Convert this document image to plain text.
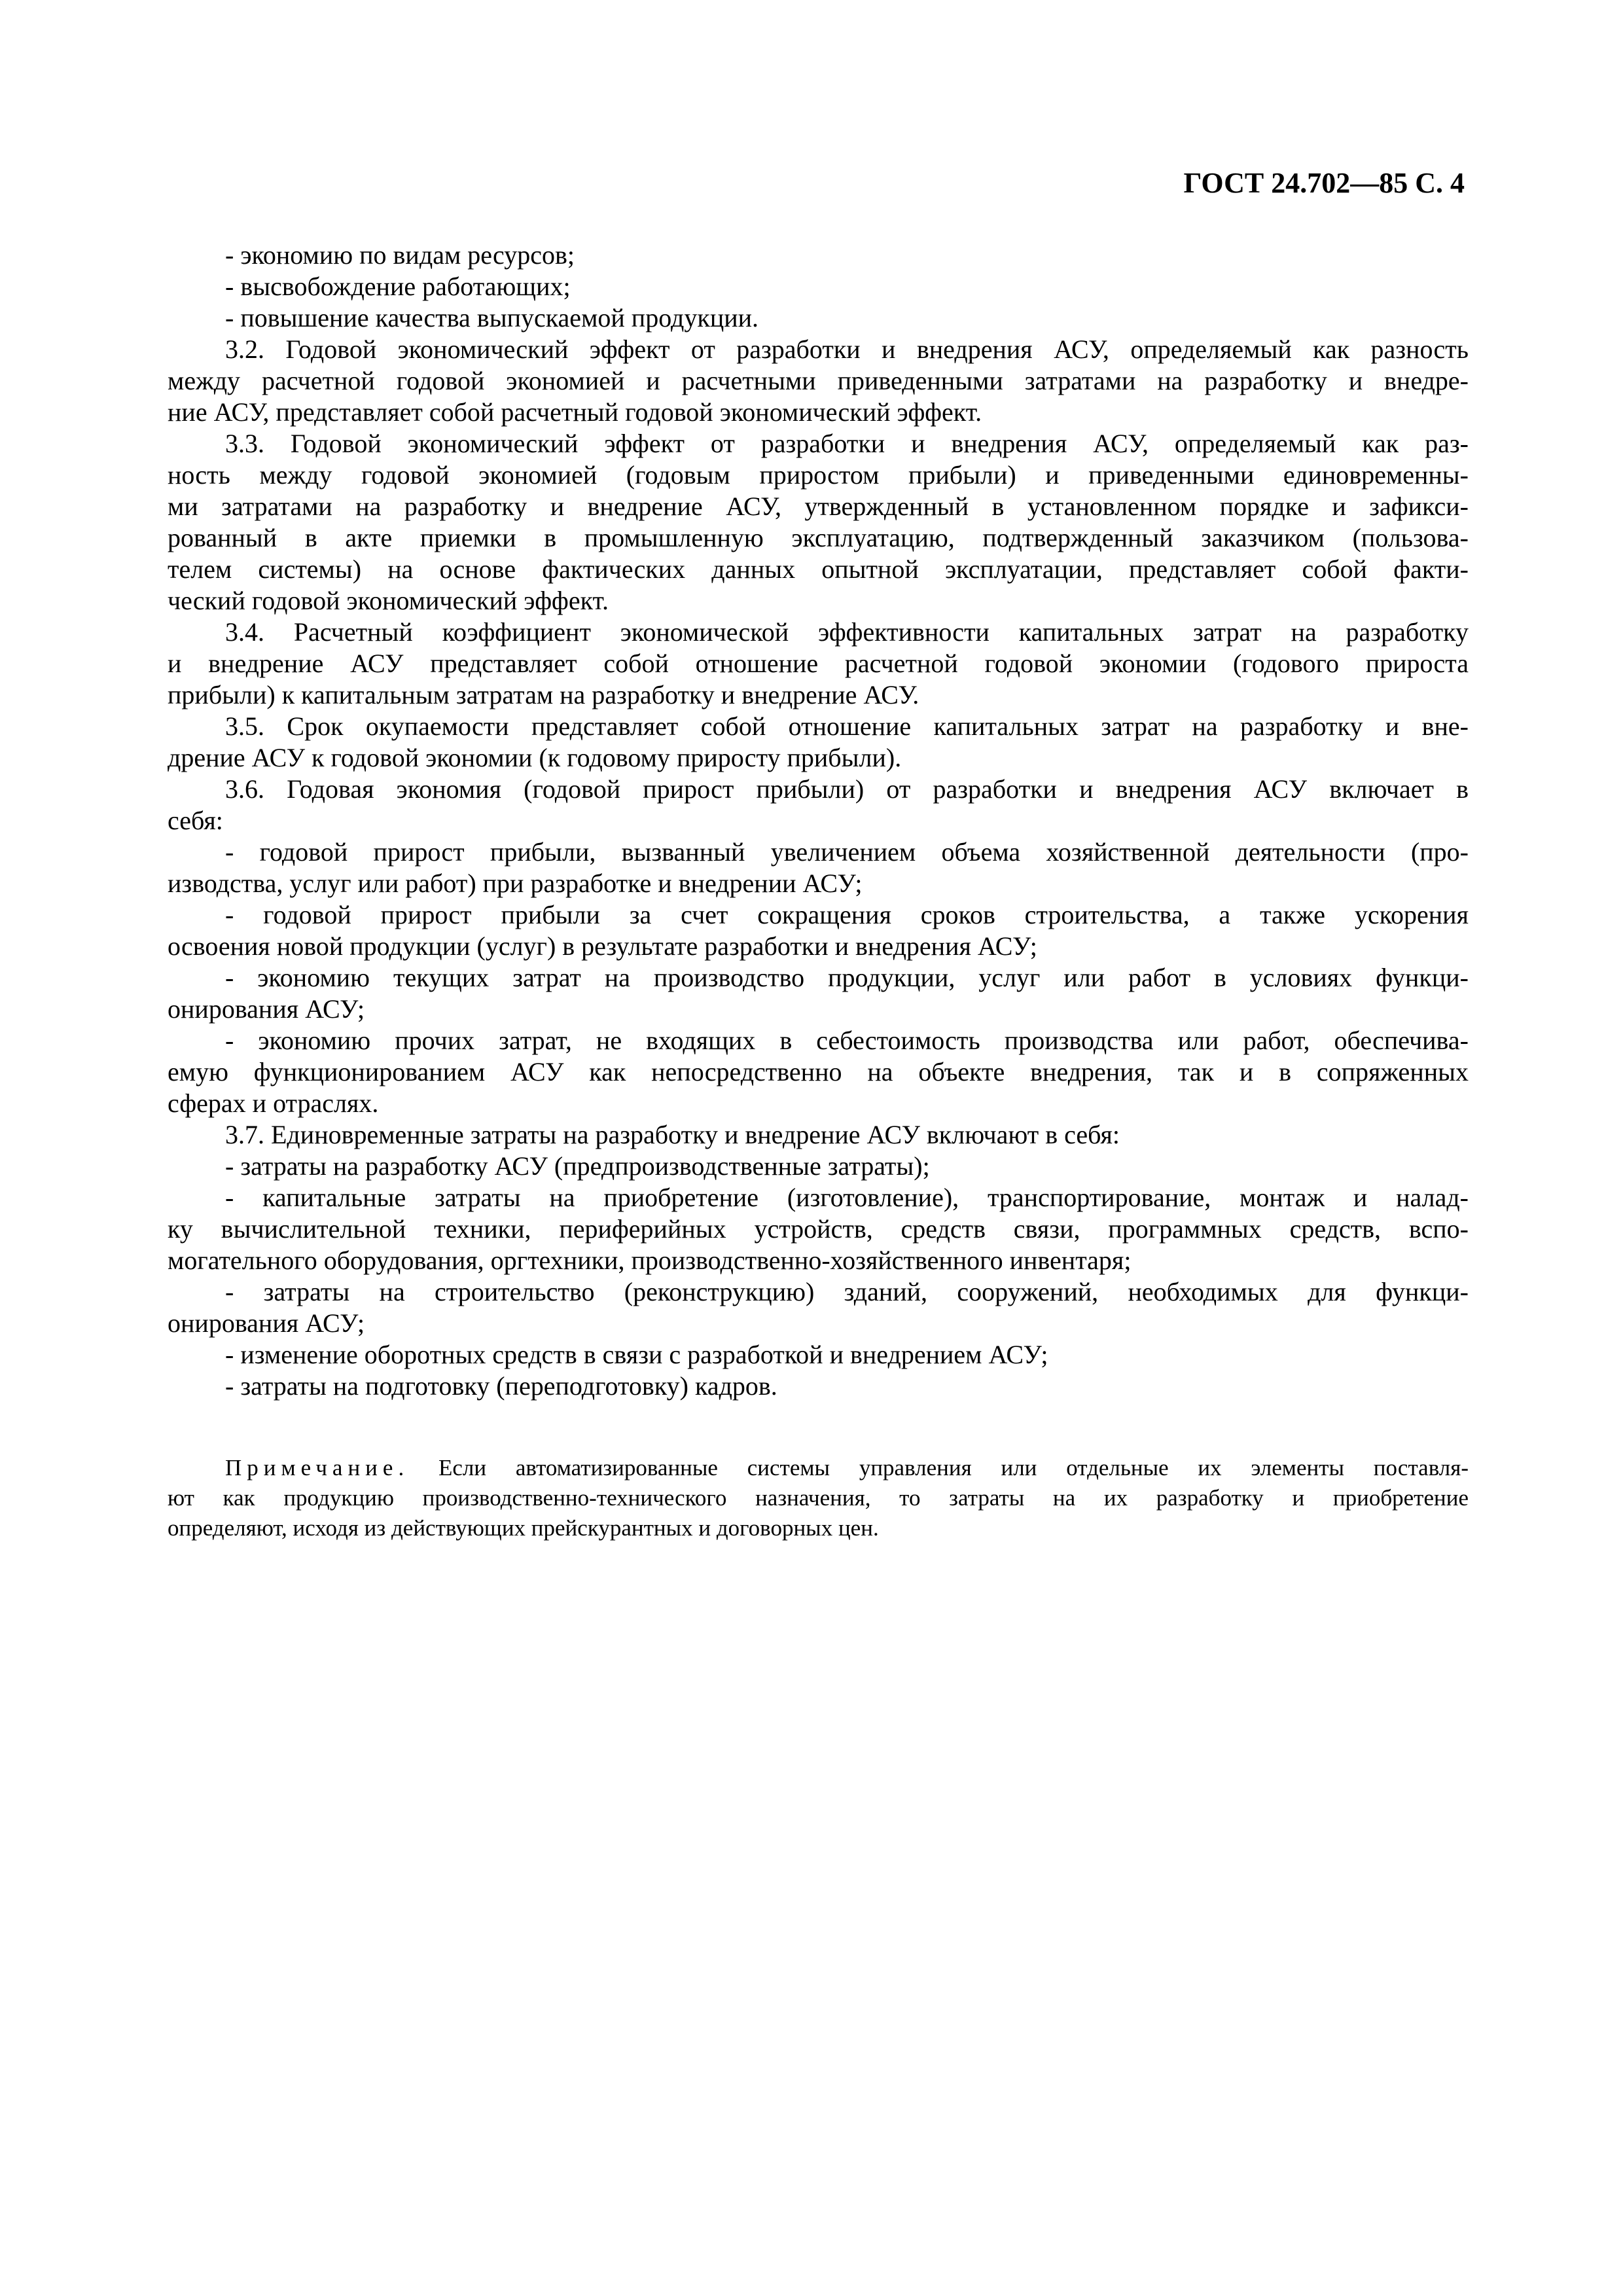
ГОСТ 24.702—85 С. 4
- экономию по видам ресурсов;
- высвобождение работающих;
- повышение качества выпускаемой продукции.
3.2. Годовой экономический эффект от разработки и внедрения АСУ, определяемый как разность
между расчетной годовой экономией и расчетными приведенными затратами на разработку и внедре-
ние АСУ, представляет собой расчетный годовой экономический эффект.
3.3. Годовой экономический эффект от разработки и внедрения АСУ, определяемый как раз-
ность между годовой экономией (годовым приростом прибыли) и приведенными единовременны-
ми затратами на разработку и внедрение АСУ, утвержденный в установленном порядке и зафикси-
рованный в акте приемки в промышленную эксплуатацию, подтвержденный заказчиком (пользова-
телем системы) на основе фактических данных опытной эксплуатации, представляет собой факти-
ческий годовой экономический эффект.
3.4. Расчетный коэффициент экономической эффективности капитальных затрат на разработку
и внедрение АСУ представляет собой отношение расчетной годовой экономии (годового прироста
прибыли) к капитальным затратам на разработку и внедрение АСУ.
3.5. Срок окупаемости представляет собой отношение капитальных затрат на разработку и вне-
дрение АСУ к годовой экономии (к годовому приросту прибыли).
3.6. Годовая экономия (годовой прирост прибыли) от разработки и внедрения АСУ включает в
себя:
- годовой прирост прибыли, вызванный увеличением объема хозяйственной деятельности (про-
изводства, услуг или работ) при разработке и внедрении АСУ;
- годовой прирост прибыли за счет сокращения сроков строительства, а также ускорения
освоения новой продукции (услуг) в результате разработки и внедрения АСУ;
- экономию текущих затрат на производство продукции, услуг или работ в условиях функци-
онирования АСУ;
- экономию прочих затрат, не входящих в себестоимость производства или работ, обеспечива-
емую функционированием АСУ как непосредственно на объекте внедрения, так и в сопряженных
сферах и отраслях.
3.7. Единовременные затраты на разработку и внедрение АСУ включают в себя:
- затраты на разработку АСУ (предпроизводственные затраты);
- капитальные затраты на приобретение (изготовление), транспортирование, монтаж и налад-
ку вычислительной техники, периферийных устройств, средств связи, программных средств, вспо-
могательного оборудования, оргтехники, производственно-хозяйственного инвентаря;
- затраты на строительство (реконструкцию) зданий, сооружений, необходимых для функци-
онирования АСУ;
- изменение оборотных средств в связи с разработкой и внедрением АСУ;
- затраты на подготовку (переподготовку) кадров.
Примечание. Если автоматизированные системы управления или отдельные их элементы поставля-
ют как продукцию производственно-технического назначения, то затраты на их разработку и приобретение
определяют, исходя из действующих прейскурантных и договорных цен.
